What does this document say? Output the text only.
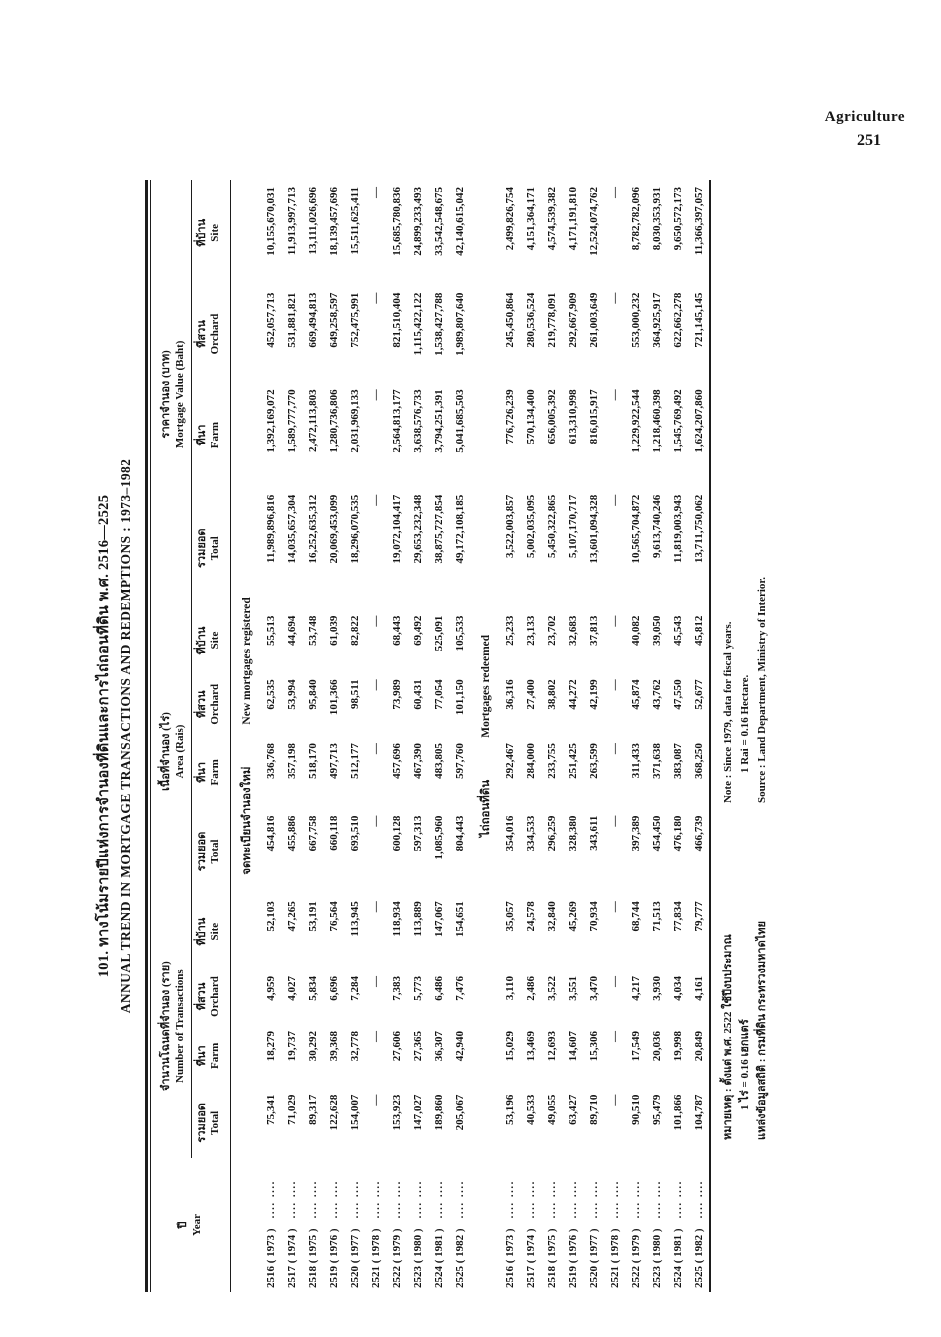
Agriculture
251
101. ทางโน้มรายปีแห่งการจำนองที่ดินและการไถ่ถอนที่ดิน พ.ศ. 2516—2525 ANNUAL TREND IN MORTGAGE TRANSACTIONS AND REDEMPTIONS : 1973–1982
ปี Year

จำนวนโฉนดที่จำนอง (ราย) Number of Transactions

เนื้อที่จำนอง (ไร่) Area (Rais)

ราคาจำนอง (บาท) Mortgage Value (Baht)

รวมยอด Total

ที่นา Farm

ที่สวน Orchard

ที่บ้าน Site

รวมยอด Total

ที่นา Farm

ที่สวน Orchard

ที่บ้าน Site

รวมยอด Total

ที่นา Farm

ที่สวน Orchard

ที่บ้าน Site

จดทะเบียนจำนองใหม่New mortgages registered												
2516 ( 1973 ).... ....	75,341	18,279	4,959	52,103	454,816	336,768	62,535	55,513	11,989,896,816	1,392,169,072	452,057,713	10,155,670,031
2517 ( 1974 ).... ....	71,029	19,737	4,027	47,265	455,886	357,198	53,994	44,694	14,035,657,304	1,589,777,770	531,881,821	11,913,997,713
2518 ( 1975 ).... ....	89,317	30,292	5,834	53,191	667,758	518,170	95,840	53,748	16,252,635,312	2,472,113,803	669,494,813	13,111,026,696
2519 ( 1976 ).... ....	122,628	39,368	6,696	76,564	660,118	497,713	101,366	61,039	20,069,453,099	1,280,736,806	649,258,597	18,139,457,696
2520 ( 1977 ).... ....	154,007	32,778	7,284	113,945	693,510	512,177	98,511	82,822	18,296,070,535	2,031,969,133	752,475,991	15,511,625,411
2521 ( 1978 ).... ....	—	—	—	—	—	—	—	—	—	—	—	—
2522 ( 1979 ).... ....	153,923	27,606	7,383	118,934	600,128	457,696	73,989	68,443	19,072,104,417	2,564,813,177	821,510,404	15,685,780,836
2523 ( 1980 ).... ....	147,027	27,365	5,773	113,889	597,313	467,390	60,431	69,492	29,653,232,348	3,638,576,733	1,115,422,122	24,899,233,493
2524 ( 1981 ).... ....	189,860	36,307	6,486	147,067	1,085,960	483,805	77,054	525,091	38,875,727,854	3,794,251,391	1,538,427,788	33,542,548,675
2525 ( 1982 ).... ....	205,067	42,940	7,476	154,651	804,443	597,760	101,150	105,533	49,172,108,185	5,041,685,503	1,989,807,640	42,140,615,042
ไถ่ถอนที่ดินMortgages redeemed												
2516 ( 1973 ).... ....	53,196	15,029	3,110	35,057	354,016	292,467	36,316	25,233	3,522,003,857	776,726,239	245,450,864	2,499,826,754
2517 ( 1974 ).... ....	40,533	13,469	2,486	24,578	334,533	284,000	27,400	23,133	5,002,035,095	570,134,400	280,536,524	4,151,364,171
2518 ( 1975 ).... ....	49,055	12,693	3,522	32,840	296,259	233,755	38,802	23,702	5,450,322,865	656,005,392	219,778,091	4,574,539,382
2519 ( 1976 ).... ....	63,427	14,607	3,551	45,269	328,380	251,425	44,272	32,683	5,107,170,717	613,310,998	292,667,909	4,171,191,810
2520 ( 1977 ).... ....	89,710	15,306	3,470	70,934	343,611	263,599	42,199	37,813	13,601,094,328	816,015,917	261,003,649	12,524,074,762
2521 ( 1978 ).... ....	—	—	—	—	—	—	—	—	—	—	—	—
2522 ( 1979 ).... ....	90,510	17,549	4,217	68,744	397,389	311,433	45,874	40,082	10,565,704,872	1,229,922,544	553,000,232	8,782,782,096
2523 ( 1980 ).... ....	95,479	20,036	3,930	71,513	454,450	371,638	43,762	39,050	9,613,740,246	1,218,460,398	364,925,917	8,030,353,931
2524 ( 1981 ).... ....	101,866	19,998	4,034	77,834	476,180	383,087	47,550	45,543	11,819,003,943	1,545,769,492	622,662,278	9,650,572,173
2525 ( 1982 ).... ....	104,787	20,849	4,161	79,777	466,739	368,250	52,677	45,812	13,711,750,062	1,624,207,860	721,145,145	11,366,397,057
หมายเหตุ : ตั้งแต่ พ.ศ. 2522 ใช้ปีงบประมาณ 1 ไร่ = 0.16 เฮกแตร์ แหล่งข้อมูลสถิติ : กรมที่ดิน กระทรวงมหาดไทย
Note : Since 1979, data for fiscal years. 1 Rai = 0.16 Hectare. Source : Land Department, Ministry of Interior.
